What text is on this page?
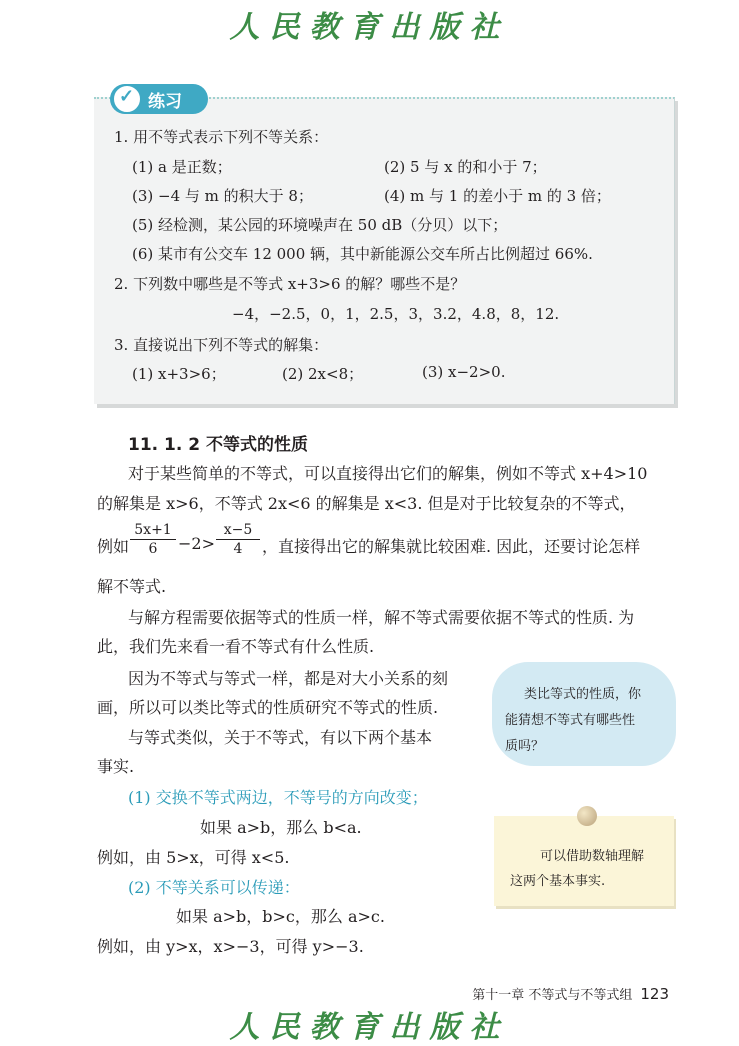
人民教育出版社
人民教育出版社
✓ 练习
1. 用不等式表示下列不等关系：
(1) a 是正数；	(2) 5 与 x 的和小于 7；
(3) −4 与 m 的积大于 8；	(4) m 与 1 的差小于 m 的 3 倍；
(5) 经检测，某公园的环境噪声在 50 dB（分贝）以下；
(6) 某市有公交车 12 000 辆，其中新能源公交车所占比例超过 66%.
2. 下列数中哪些是不等式 x+3>6 的解？哪些不是？
−4，−2.5，0，1，2.5，3，3.2，4.8，8，12.
3. 直接说出下列不等式的解集：
(1) x+3>6；	(2) 2x<8；	(3) x−2>0.
11. 1. 2 不等式的性质
对于某些简单的不等式，可以直接得出它们的解集，例如不等式 x+4>10
的解集是 x>6，不等式 2x<6 的解集是 x<3. 但是对于比较复杂的不等式，
例如
5x+1
6	−2>
x−5
4	，直接得出它的解集就比较困难. 因此，还要讨论怎样
解不等式.
与解方程需要依据等式的性质一样，解不等式需要依据不等式的性质. 为
此，我们先来看一看不等式有什么性质.
因为不等式与等式一样，都是对大小关系的刻
画，所以可以类比等式的性质研究不等式的性质.
与等式类似，关于不等式，有以下两个基本
事实.
(1) 交换不等式两边，不等号的方向改变；
如果 a>b，那么 b<a.
例如，由 5>x，可得 x<5.
(2) 不等关系可以传递：
如果 a>b，b>c，那么 a>c.
例如，由 y>x，x>−3，可得 y>−3.
类比等式的性质，你
能猜想不等式有哪些性
质吗？
可以借助数轴理解
这两个基本事实.
第十一章 不等式与不等式组 123
